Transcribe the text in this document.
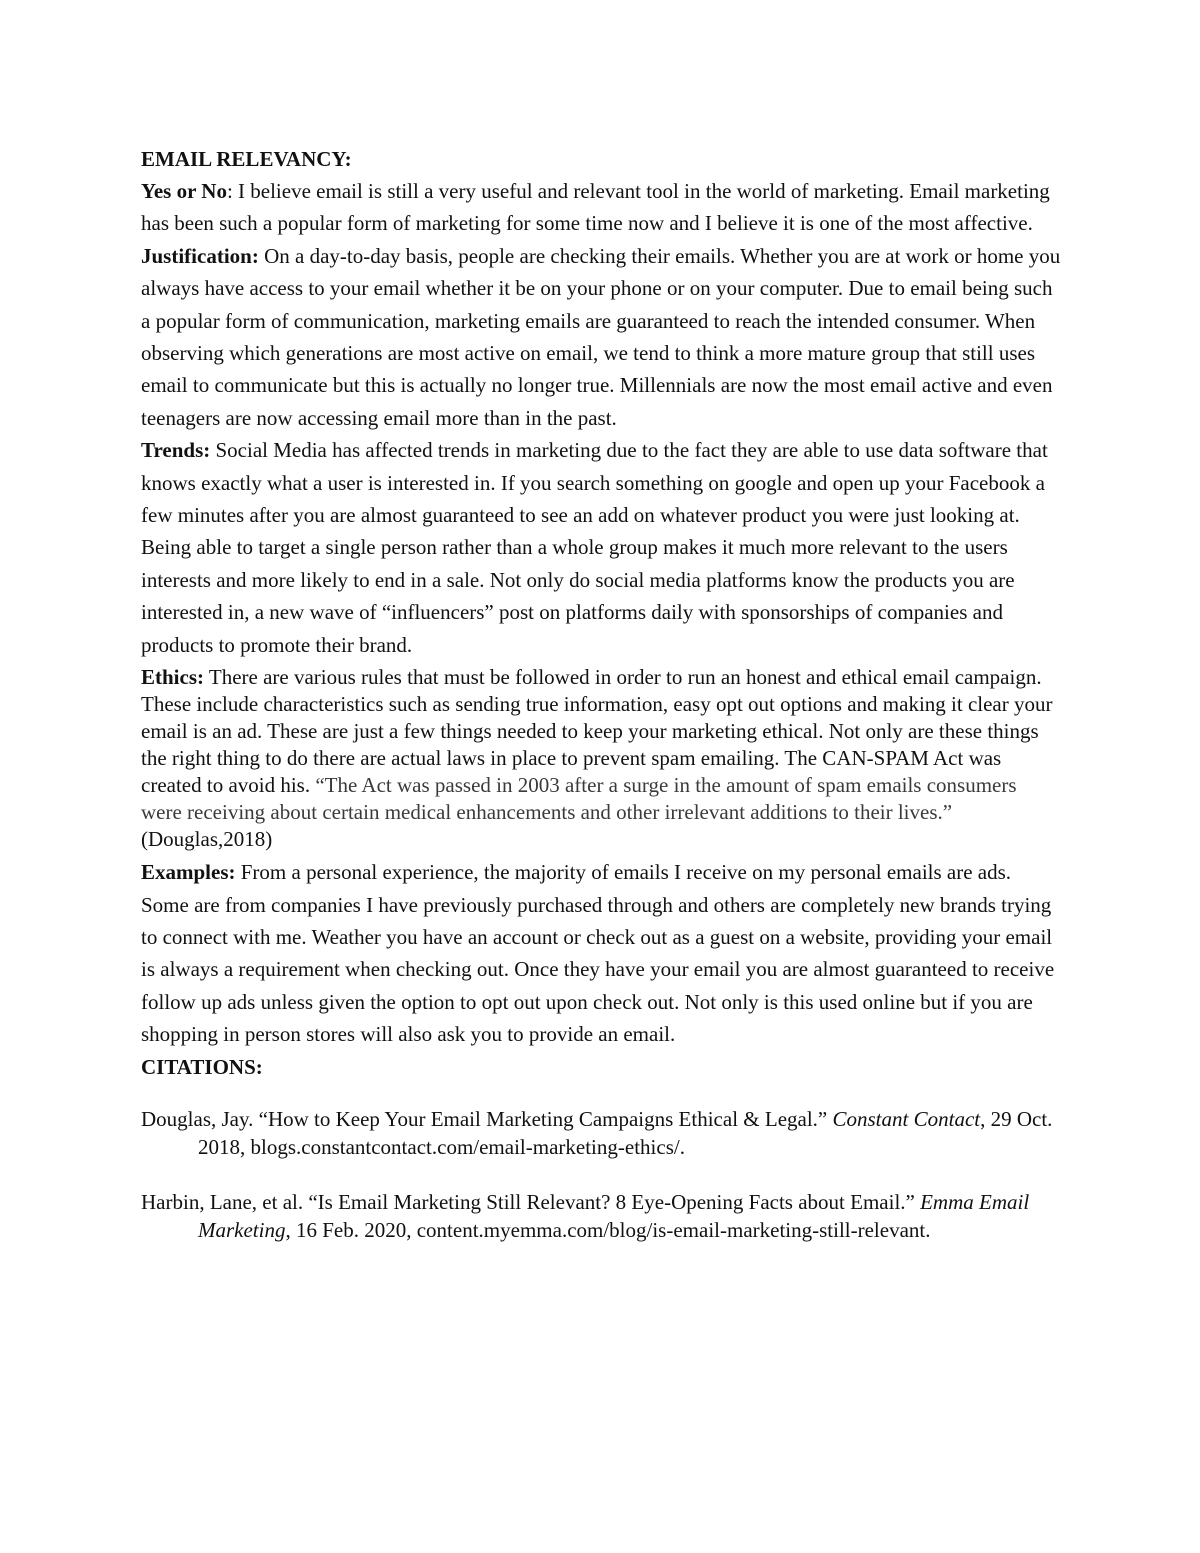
EMAIL RELEVANCY:

Yes or No: I believe email is still a very useful and relevant tool in the world of marketing. Email marketing has been such a popular form of marketing for some time now and I believe it is one of the most affective.

Justification: On a day-to-day basis, people are checking their emails. Whether you are at work or home you always have access to your email whether it be on your phone or on your computer. Due to email being such a popular form of communication, marketing emails are guaranteed to reach the intended consumer. When observing which generations are most active on email, we tend to think a more mature group that still uses email to communicate but this is actually no longer true. Millennials are now the most email active and even teenagers are now accessing email more than in the past.

Trends: Social Media has affected trends in marketing due to the fact they are able to use data software that knows exactly what a user is interested in. If you search something on google and open up your Facebook a few minutes after you are almost guaranteed to see an add on whatever product you were just looking at. Being able to target a single person rather than a whole group makes it much more relevant to the users interests and more likely to end in a sale. Not only do social media platforms know the products you are interested in, a new wave of “influencers” post on platforms daily with sponsorships of companies and products to promote their brand.

Ethics: There are various rules that must be followed in order to run an honest and ethical email campaign. These include characteristics such as sending true information, easy opt out options and making it clear your email is an ad. These are just a few things needed to keep your marketing ethical. Not only are these things the right thing to do there are actual laws in place to prevent spam emailing. The CAN-SPAM Act was created to avoid his. “The Act was passed in 2003 after a surge in the amount of spam emails consumers were receiving about certain medical enhancements and other irrelevant additions to their lives.” (Douglas,2018)

Examples: From a personal experience, the majority of emails I receive on my personal emails are ads. Some are from companies I have previously purchased through and others are completely new brands trying to connect with me. Weather you have an account or check out as a guest on a website, providing your email is always a requirement when checking out. Once they have your email you are almost guaranteed to receive follow up ads unless given the option to opt out upon check out. Not only is this used online but if you are shopping in person stores will also ask you to provide an email.

CITATIONS:

Douglas, Jay. “How to Keep Your Email Marketing Campaigns Ethical & Legal.” Constant Contact, 29 Oct. 2018, blogs.constantcontact.com/email-marketing-ethics/.

Harbin, Lane, et al. “Is Email Marketing Still Relevant? 8 Eye-Opening Facts about Email.” Emma Email Marketing, 16 Feb. 2020, content.myemma.com/blog/is-email-marketing-still-relevant.
